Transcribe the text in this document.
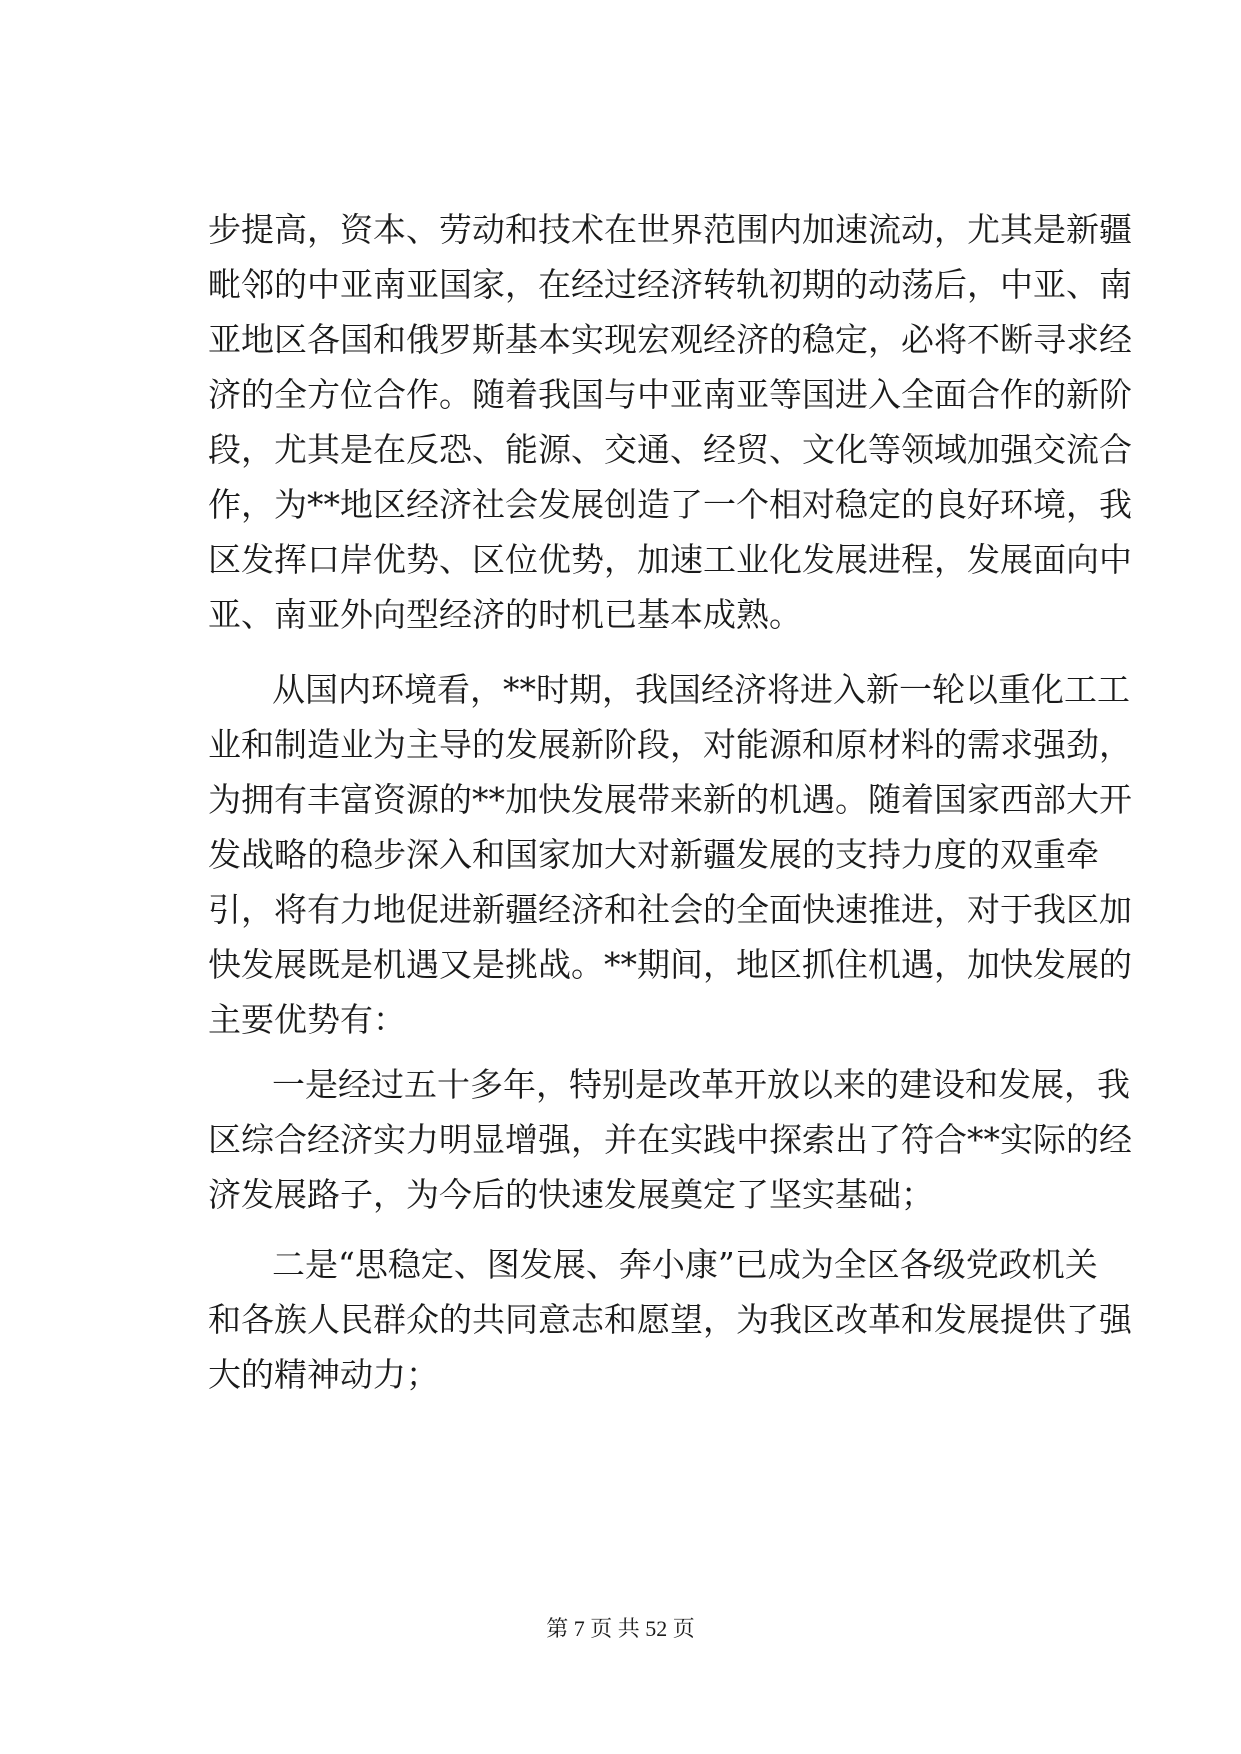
步提高，资本、劳动和技术在世界范围内加速流动，尤其是新疆
毗邻的中亚南亚国家，在经过经济转轨初期的动荡后，中亚、南
亚地区各国和俄罗斯基本实现宏观经济的稳定，必将不断寻求经
济的全方位合作。随着我国与中亚南亚等国进入全面合作的新阶
段，尤其是在反恐、能源、交通、经贸、文化等领域加强交流合
作，为**地区经济社会发展创造了一个相对稳定的良好环境，我
区发挥口岸优势、区位优势，加速工业化发展进程，发展面向中
亚、南亚外向型经济的时机已基本成熟。
从国内环境看，**时期，我国经济将进入新一轮以重化工工
业和制造业为主导的发展新阶段，对能源和原材料的需求强劲，
为拥有丰富资源的**加快发展带来新的机遇。随着国家西部大开
发战略的稳步深入和国家加大对新疆发展的支持力度的双重牵
引，将有力地促进新疆经济和社会的全面快速推进，对于我区加
快发展既是机遇又是挑战。**期间，地区抓住机遇，加快发展的
主要优势有：
一是经过五十多年，特别是改革开放以来的建设和发展，我
区综合经济实力明显增强，并在实践中探索出了符合**实际的经
济发展路子，为今后的快速发展奠定了坚实基础；
二是“思稳定、图发展、奔小康”已成为全区各级党政机关
和各族人民群众的共同意志和愿望，为我区改革和发展提供了强
大的精神动力；
第 7 页 共 52 页
